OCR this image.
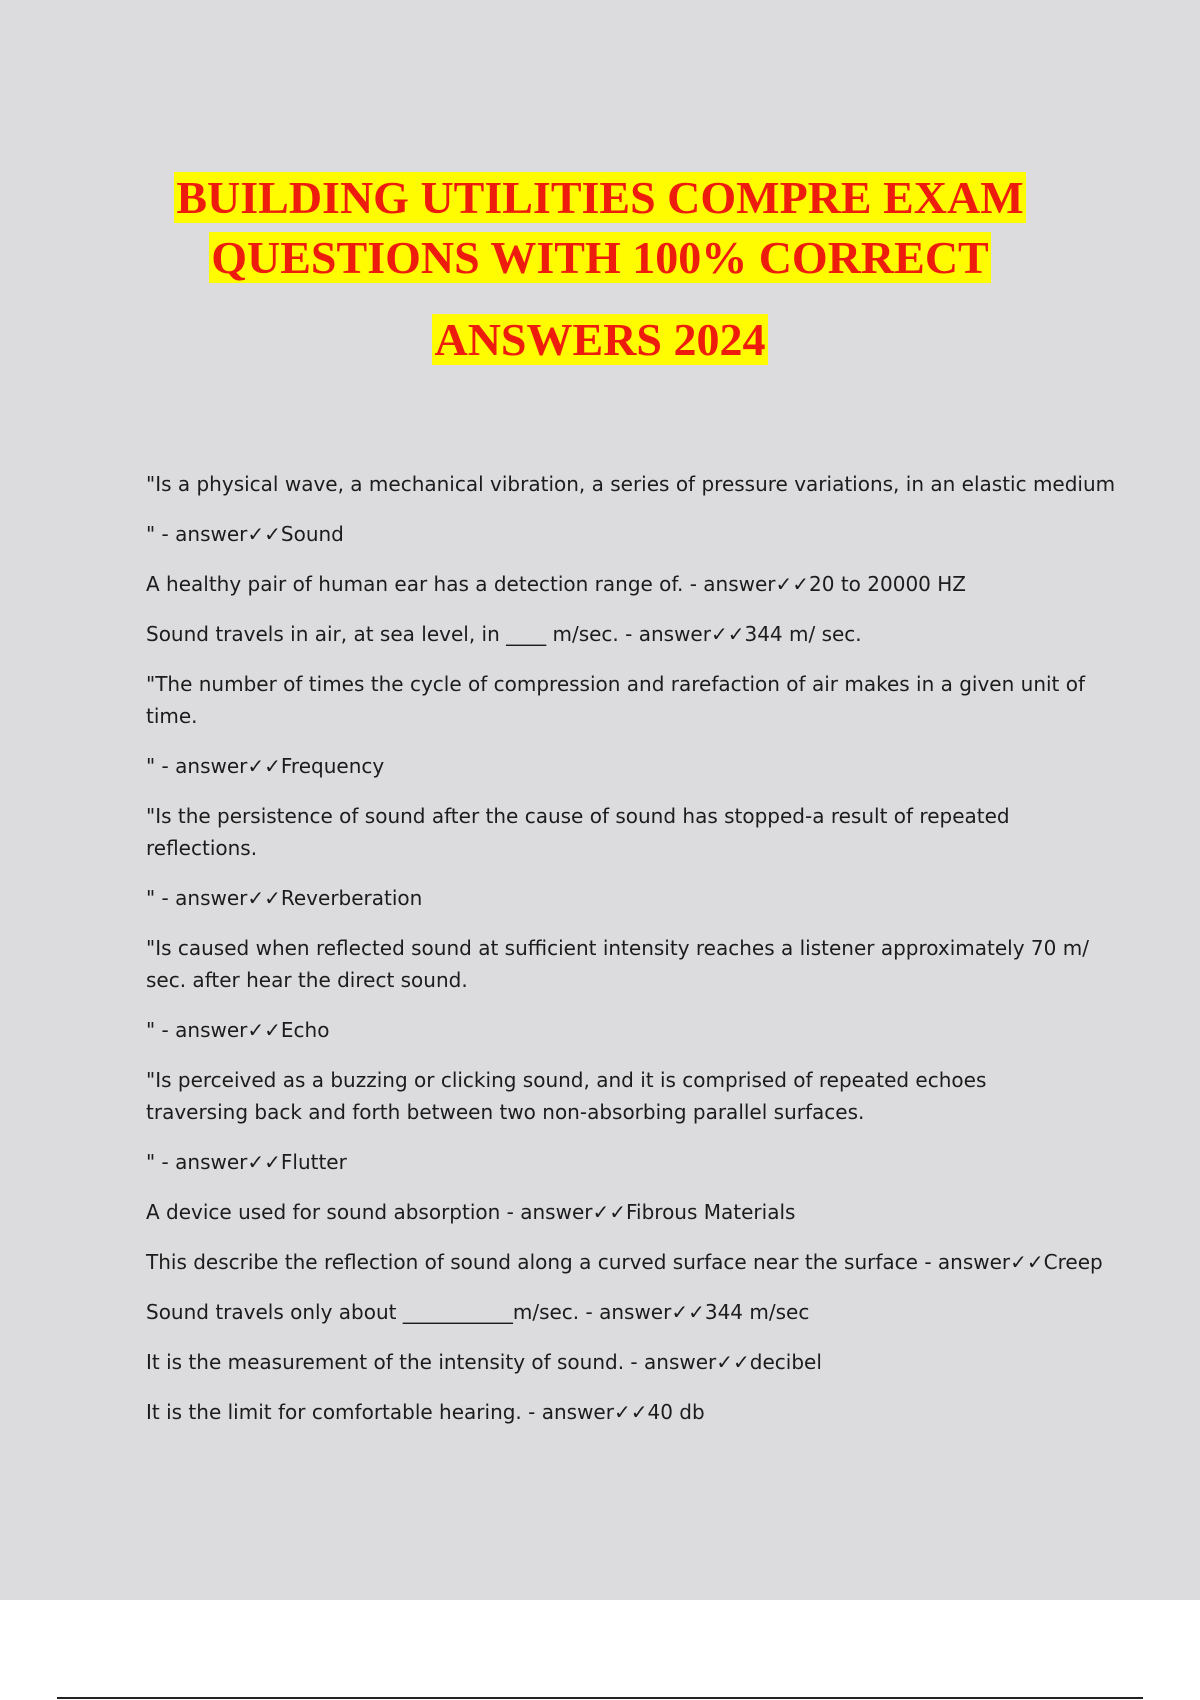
BUILDING UTILITIES COMPRE EXAM
QUESTIONS WITH 100% CORRECT
ANSWERS 2024
"Is a physical wave, a mechanical vibration, a series of pressure variations, in an elastic medium
" - answer✓✓Sound
A healthy pair of human ear has a detection range of. - answer✓✓20 to 20000 HZ
Sound travels in air, at sea level, in ____ m/sec. - answer✓✓344 m/ sec.
"The number of times the cycle of compression and rarefaction of air makes in a given unit of time.
" - answer✓✓Frequency
"Is the persistence of sound after the cause of sound has stopped-a result of repeated reflections.
" - answer✓✓Reverberation
"Is caused when reflected sound at sufficient intensity reaches a listener approximately 70 m/ sec. after hear the direct sound.
" - answer✓✓Echo
"Is perceived as a buzzing or clicking sound, and it is comprised of repeated echoes traversing back and forth between two non-absorbing parallel surfaces.
" - answer✓✓Flutter
A device used for sound absorption - answer✓✓Fibrous Materials
This describe the reflection of sound along a curved surface near the surface - answer✓✓Creep
Sound travels only about ___________m/sec. - answer✓✓344 m/sec
It is the measurement of the intensity of sound. - answer✓✓decibel
It is the limit for comfortable hearing. - answer✓✓40 db
